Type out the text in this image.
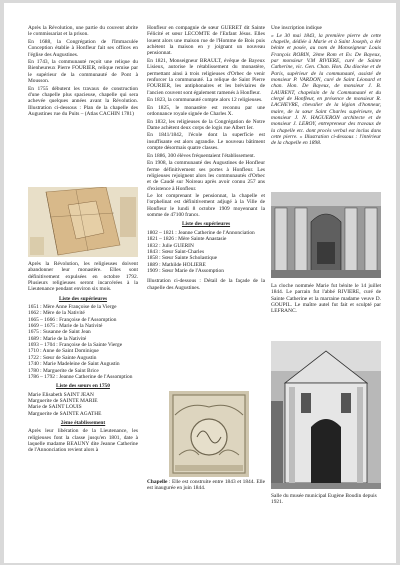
Après la Révolution, une partie du couvent abrite le commissariat et la prison.

En 1688, la Congrégation de l'Immaculée Conception établie à Honfleur fait ses offices en l'église des Augustines.

En 1743, la communauté reçoit une relique du Bienheureux Pierre FOURIER, relique remise par le supérieur de la communauté de Pont à Mousson.

En 1755 débutent les travaux de construction d'une chapelle plus spacieuse, chapelle qui sera achevée quelques années avant la Révolution. Illustration ci-dessous : Plan de la chapelle des Augustines rue du Puits – (Atlas CACHIN 1781)

Après la Révolution, les religieuses doivent abandonner leur monastère. Elles sont définitivement expulsées en octobre 1792. Plusieurs religieuses seront incarcérées à la Lieutenance pendant environ six mois.

Liste des supérieures
1651 : Mère Anne Françoise de la Vierge
1662 : Mère de la Nativité
1665 – 1666 : Françoise de l'Assomption
1669 – 1675 : Marie de la Nativité
1675 : Susanne de Saint Jean
1689 : Marie de la Nativité
1693 – 1704 : Françoise de la Sainte Vierge
1710 : Anne de Saint Dominique
1722 : Sœur de Sainte Augustin
1740 : Marie Madeleine de Saint Augustin
1780 : Marguerite de Saint Brice
1786 – 1792 : Jeanne Catherine de l'Assomption
Liste des sœurs en 1750
Marie Elisabeth SAINT JEAN
Marguerite de SAINTE MARIE
Marie de SAINT LOUIS
Marguerite de SAINTE AGATHE
2ème établissement

Après leur libération de la Lieutenance, les religieuses font la classe jusqu'en 1801, date à laquelle madame BEAUNY dite Jeanne Catherine de l'Annonciation revient alors à

Honfleur en compagnie de sœur GUERET dit Sainte Félicité et sœur LECOMTE de l'Enfant Jésus. Elles louent alors une maison rue de l'Homme de Bois puis achètent la maison en y joignant un nouveau pensionnat.

En 1821, Monseigneur BRAULT, évêque de Bayeux Lisieux, autorise le rétablissement du monastère, permettant ainsi à trois religieuses d'Orbec de venir renforcer la communauté. La relique de Saint Pierre FOURIER, les antiphonaires et les bréviaires de l'ancien couvent sont également ramenés à Honfleur.

En 1823, la communauté compte alors 12 religieuses.

En 1825, le monastère est reconnu par une ordonnance royale signée de Charles X.

En 1832, les religieuses de la Congrégation de Notre Dame achètent deux corps de logis rue Albert Ier.

En 1841/1842, l'école dont la superficie est insuffisante est alors agrandie. Le nouveau bâtiment compte désormais quatre classes.

En 1886, 300 élèves fréquentaient l'établissement.

En 1908, la communauté des Augustines de Honfleur ferme définitivement ses portes à Honfleur. Les religieuses rejoignent alors les communautés d'Orbec et de Caudé sur Noireau après avoir connu 257 ans d'existence à Honfleur.

Le lot comprenant le pensionnat, la chapelle et l'orphelinat est définitivement adjugé à la Ville de Honfleur le lundi 8 octobre 1909 moyennant la somme de 47100 francs.

Liste des supérieures
1802 – 1821 : Jeanne Catherine de l'Annonciation
1821 – 1826 : Mère Sainte Anastasie
1832 : Julie GUERIN
1843 : Sœur Saint-Charles
1858 : Sœur Sainte Scholastique
1889 : Mathilde HOLIERE
1909 : Sœur Marie de l'Assomption

Illustration ci-dessous : Détail de la façade de la chapelle des Augustines.

Chapelle : Elle est construite entre 1843 et 1844. Elle est inaugurée en juin 1844.

Une inscription indique

« Le 30 mai 1843, la première pierre de cette chapelle, dédiée à Marie et à Saint Joseph, a été bénite et posée, au nom de Monseigneur Louis François ROBIN, 2ème Rom et Ev. De Bayeux, par monsieur V.M RIVIERE, curé de Sainte Catherine, vic. Gen. Chan. Hon. Du diocèse et de Paris, supérieur de la communauté, assisté de monsieur P. VARDON, curé de Saint Léonard et chan. Hon. De Bayeux, de monsieur J. B. LAURENT, chapelain de la Communauté et du clergé de Honfleur, en présence de monsieur R. LACHEVRE, chevalier de la légion d'honneur, maire, de la sœur Saint Charles supérieure, de monsieur J. N. HAGUERON architecte et de monsieur J. LEROY, entrepreneur des travaux de la chapelle etc. dont procès verbal est inclus dans cette pierre. » Illustration ci-dessous : l'intérieur de la chapelle en 1898.

La cloche nommée Marie fut bénite le 14 juillet 1844. Le parrain fut l'abbé RIVIERE, curé de Sainte Catherine et la marraine madame veuve D. GOUPIL. Le maître autel fut fait et sculpté par LEFRANC.

Salle du musée municipal Eugène Boudin depuis 1921.
